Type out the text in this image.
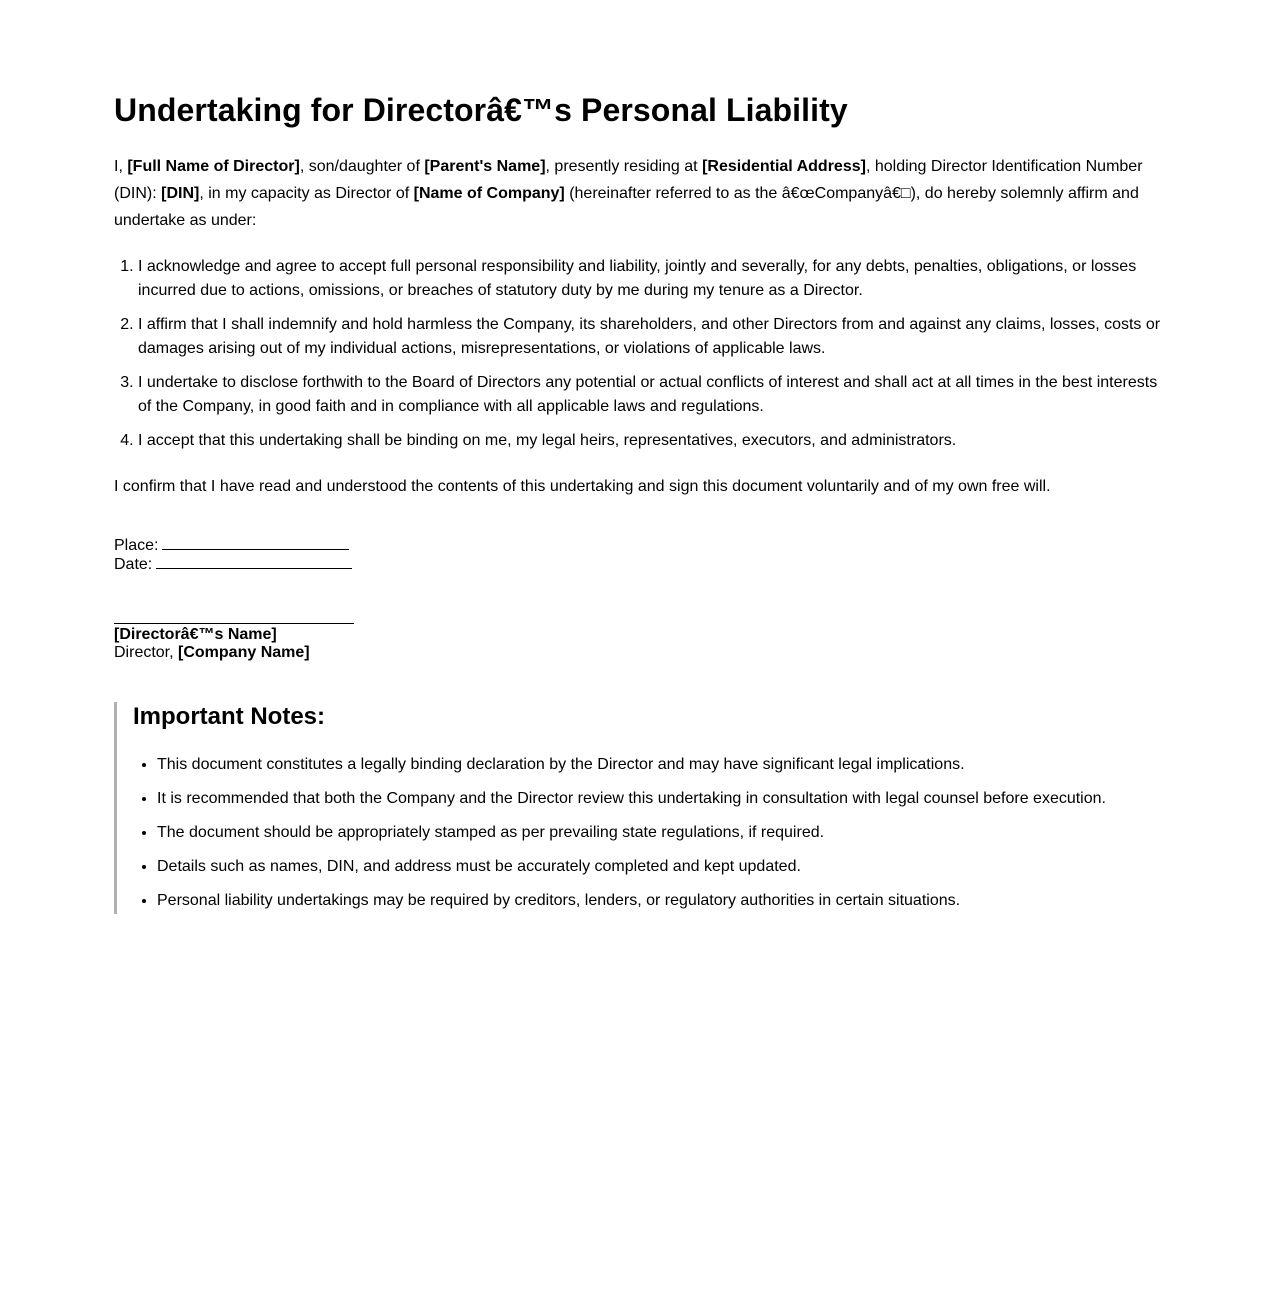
Undertaking for Directorâ€™s Personal Liability

I, [Full Name of Director], son/daughter of [Parent's Name], presently residing at [Residential Address], holding Director Identification Number (DIN): [DIN], in my capacity as Director of [Name of Company] (hereinafter referred to as the â€œCompanyâ€□), do hereby solemnly affirm and undertake as under:

1. I acknowledge and agree to accept full personal responsibility and liability, jointly and severally, for any debts, penalties, obligations, or losses incurred due to actions, omissions, or breaches of statutory duty by me during my tenure as a Director.
2. I affirm that I shall indemnify and hold harmless the Company, its shareholders, and other Directors from and against any claims, losses, costs or damages arising out of my individual actions, misrepresentations, or violations of applicable laws.
3. I undertake to disclose forthwith to the Board of Directors any potential or actual conflicts of interest and shall act at all times in the best interests of the Company, in good faith and in compliance with all applicable laws and regulations.
4. I accept that this undertaking shall be binding on me, my legal heirs, representatives, executors, and administrators.

I confirm that I have read and understood the contents of this undertaking and sign this document voluntarily and of my own free will.

Place:
Date:
[Directorâ€™s Name]
Director, [Company Name]
Important Notes:
• This document constitutes a legally binding declaration by the Director and may have significant legal implications.
• It is recommended that both the Company and the Director review this undertaking in consultation with legal counsel before execution.
• The document should be appropriately stamped as per prevailing state regulations, if required.
• Details such as names, DIN, and address must be accurately completed and kept updated.
• Personal liability undertakings may be required by creditors, lenders, or regulatory authorities in certain situations.
